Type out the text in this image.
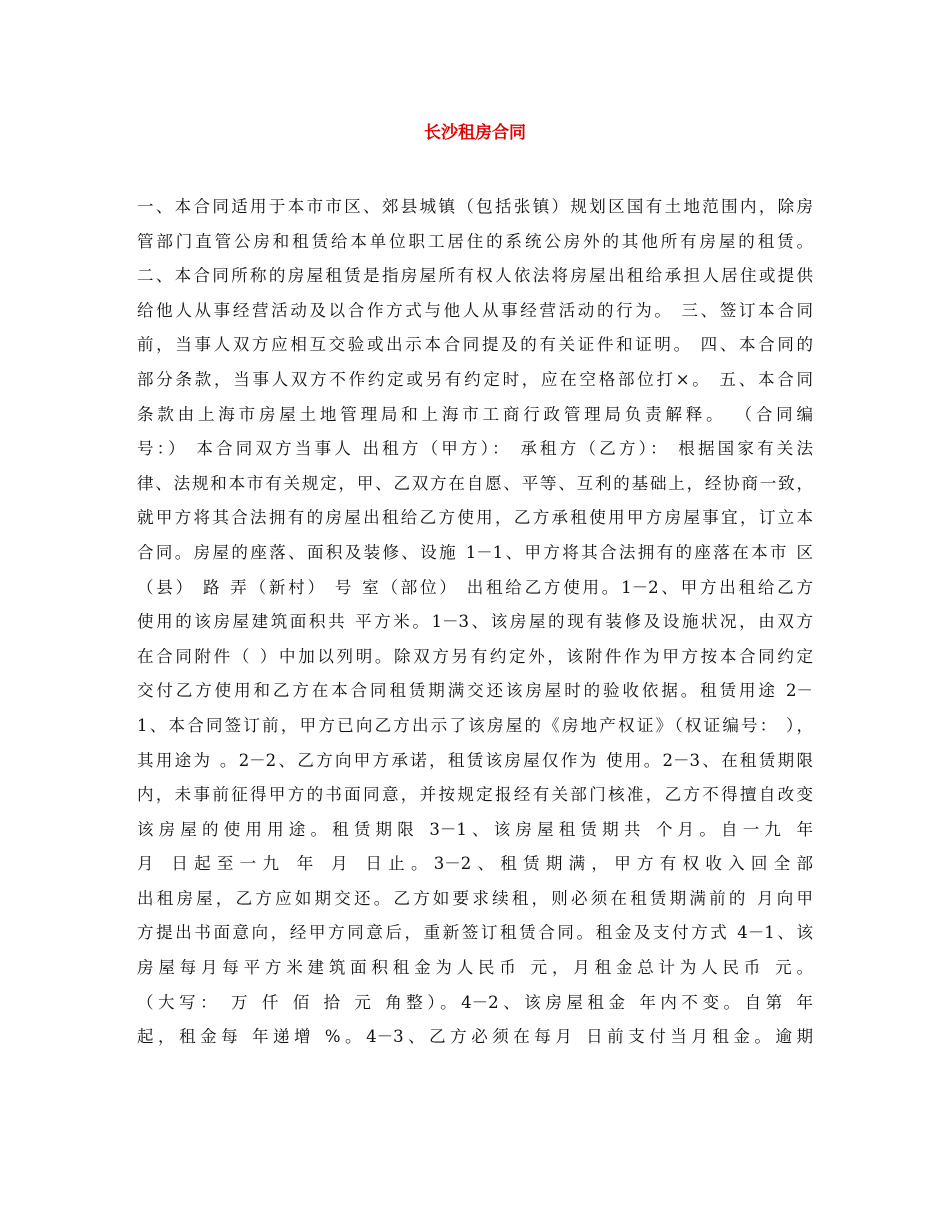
长沙租房合同
一、本合同适用于本市市区、郊县城镇（包括张镇）规划区国有土地范围内，除房
管部门直管公房和租赁给本单位职工居住的系统公房外的其他所有房屋的租赁。
二、本合同所称的房屋租赁是指房屋所有权人依法将房屋出租给承担人居住或提供
给他人从事经营活动及以合作方式与他人从事经营活动的行为。 三、签订本合同
前，当事人双方应相互交验或出示本合同提及的有关证件和证明。 四、本合同的
部分条款，当事人双方不作约定或另有约定时，应在空格部位打×。 五、本合同
条款由上海市房屋土地管理局和上海市工商行政管理局负责解释。 （合同编
号：） 本合同双方当事人 出租方（甲方）： 承租方（乙方）： 根据国家有关法
律、法规和本市有关规定，甲、乙双方在自愿、平等、互利的基础上，经协商一致，
就甲方将其合法拥有的房屋出租给乙方使用，乙方承租使用甲方房屋事宜，订立本
合同。房屋的座落、面积及装修、设施 1－1、甲方将其合法拥有的座落在本市 区
（县） 路 弄（新村） 号 室（部位） 出租给乙方使用。1－2、甲方出租给乙方
使用的该房屋建筑面积共 平方米。1－3、该房屋的现有装修及设施状况，由双方
在合同附件（ ）中加以列明。除双方另有约定外，该附件作为甲方按本合同约定
交付乙方使用和乙方在本合同租赁期满交还该房屋时的验收依据。租赁用途 2－
1、本合同签订前，甲方已向乙方出示了该房屋的《房地产权证》（权证编号： ），
其用途为 。2－2、乙方向甲方承诺，租赁该房屋仅作为 使用。2－3、在租赁期限
内，未事前征得甲方的书面同意，并按规定报经有关部门核准，乙方不得擅自改变
该房屋的使用用途。租赁期限 3－1、该房屋租赁期共 个月。自一九 年
月 日起至一九 年 月 日止。3－2、租赁期满，甲方有权收入回全部
出租房屋，乙方应如期交还。乙方如要求续租，则必须在租赁期满前的 月向甲
方提出书面意向，经甲方同意后，重新签订租赁合同。租金及支付方式 4－1、该
房屋每月每平方米建筑面积租金为人民币 元，月租金总计为人民币 元。
（大写： 万 仟 佰 拾 元 角整）。4－2、该房屋租金 年内不变。自第 年
起，租金每 年递增 %。4－3、乙方必须在每月 日前支付当月租金。逾期
